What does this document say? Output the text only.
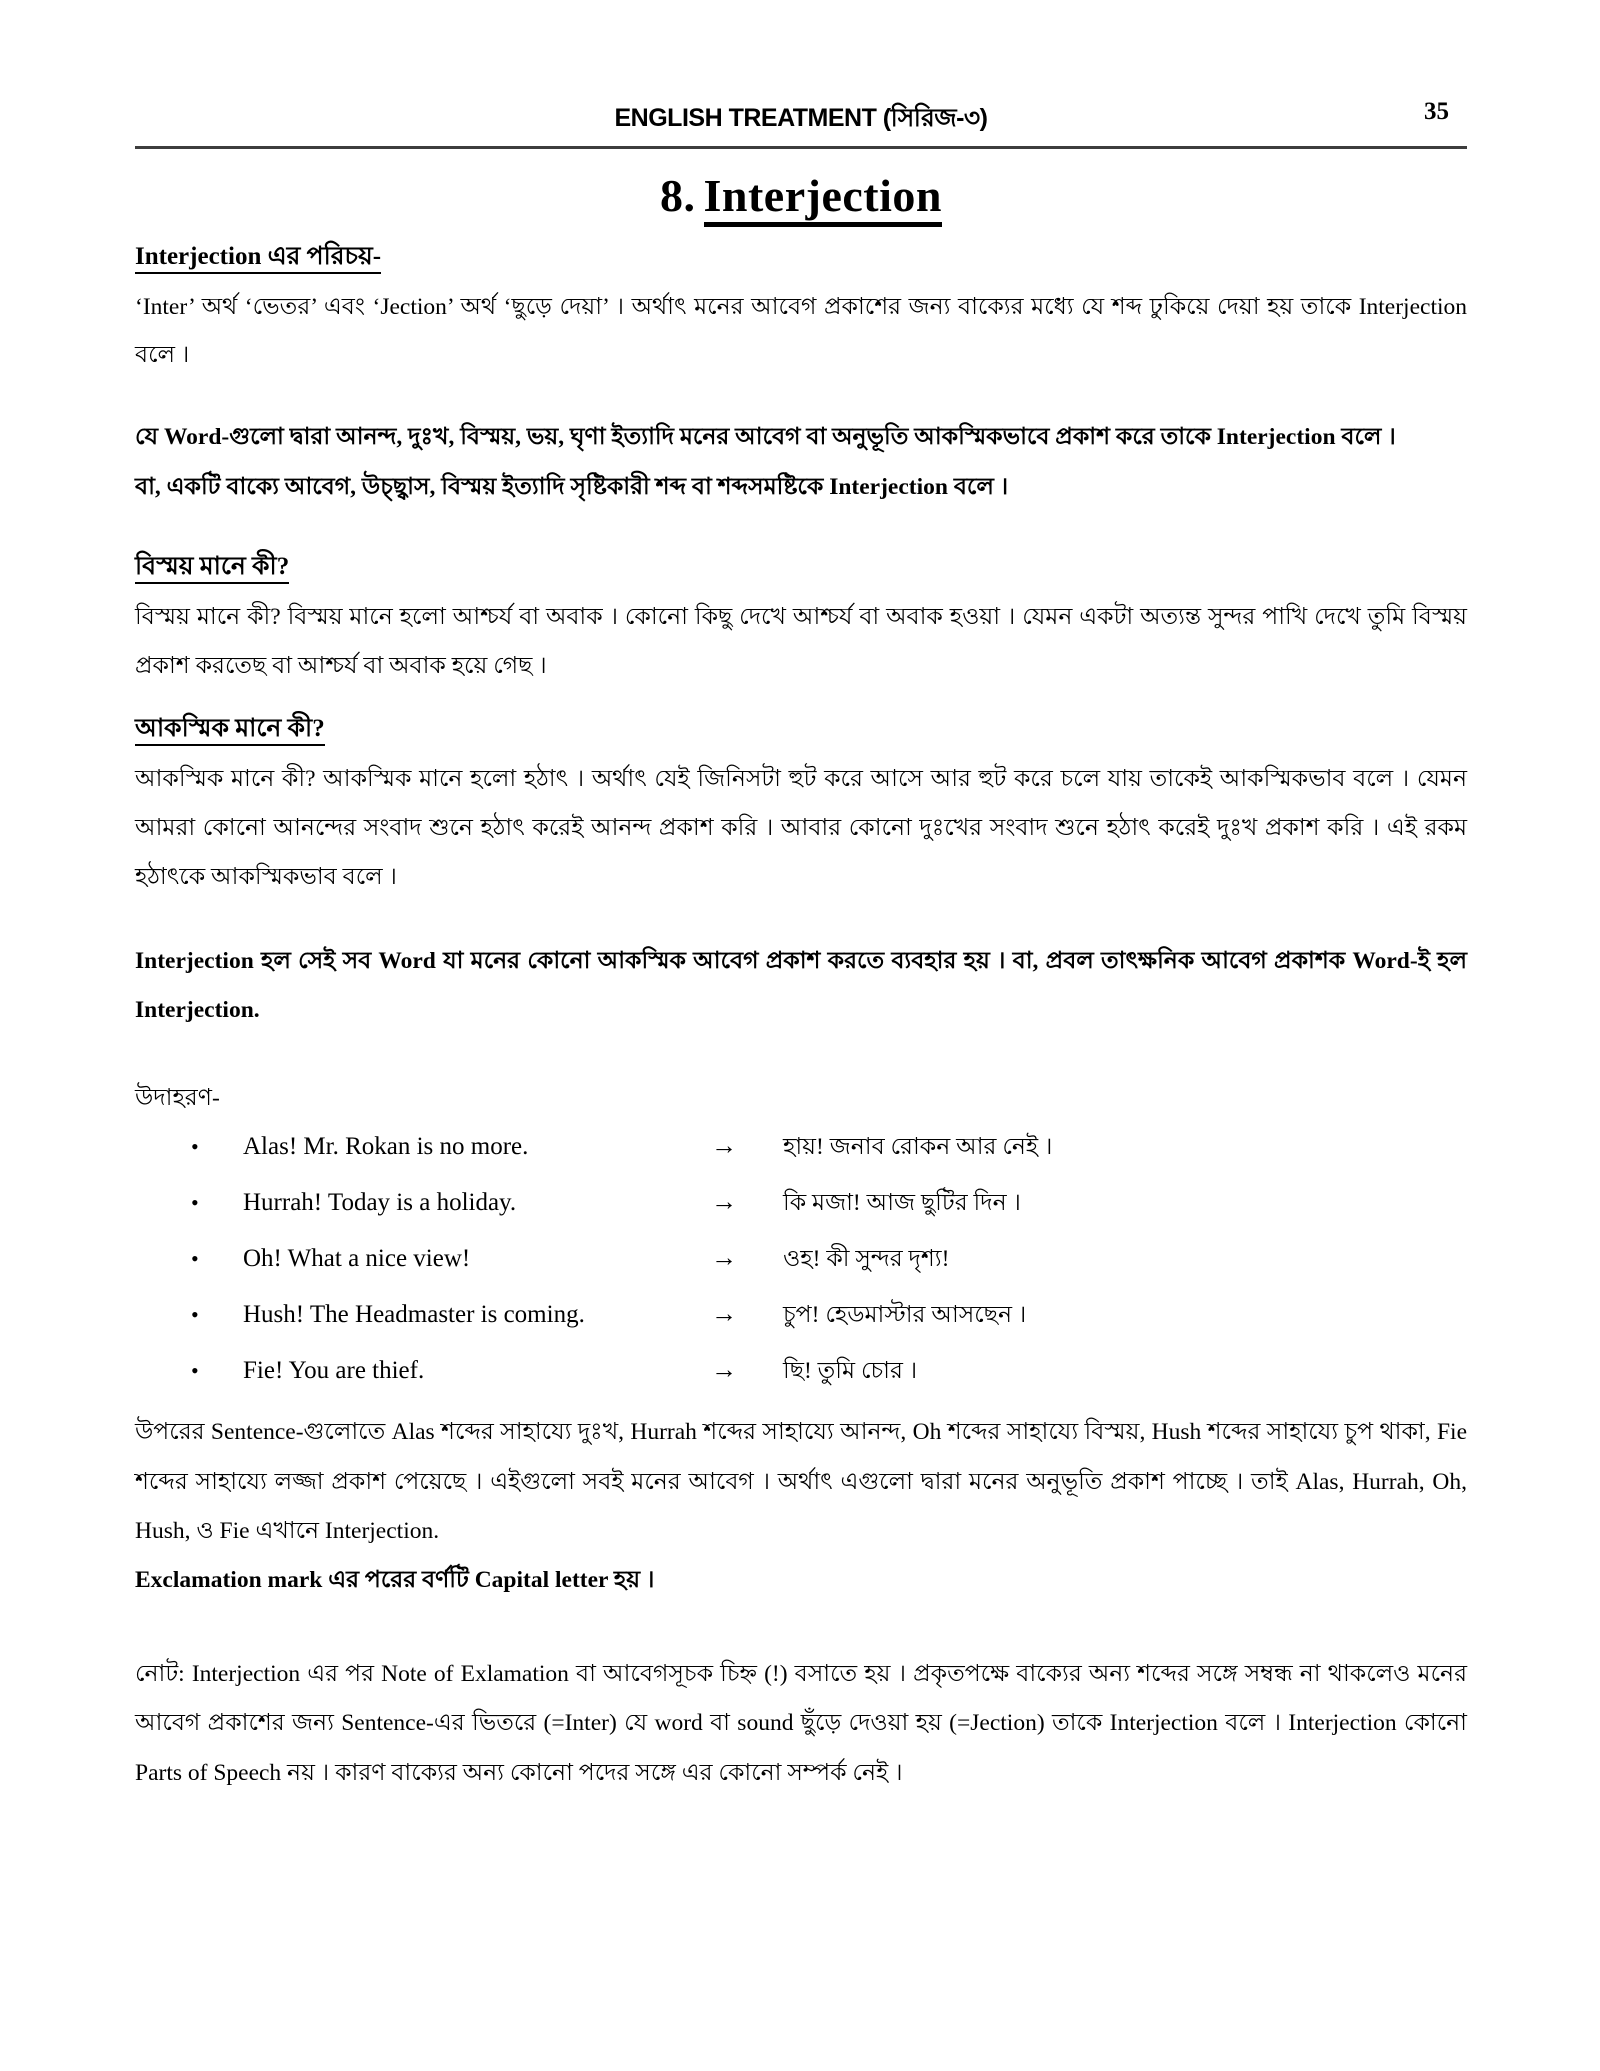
ENGLISH TREATMENT (সিরিজ-৩)	35
8. Interjection
Interjection এর পরিচয়-

‘Inter’ অর্থ ‘ভেতর’ এবং ‘Jection’ অর্থ ‘ছুড়ে দেয়া’ । অর্থাৎ মনের আবেগ প্রকাশের জন্য বাক্যের মধ্যে যে শব্দ ঢুকিয়ে দেয়া হয় তাকে Interjection বলে ।

যে Word-গুলো দ্বারা আনন্দ, দুঃখ, বিস্ময়, ভয়, ঘৃণা ইত্যাদি মনের আবেগ বা অনুভূতি আকস্মিকভাবে প্রকাশ করে তাকে Interjection বলে ।

বা, একটি বাক্যে আবেগ, উচ্ছ্বাস, বিস্ময় ইত্যাদি সৃষ্টিকারী শব্দ বা শব্দসমষ্টিকে Interjection বলে ।

বিস্ময় মানে কী?

বিস্ময় মানে কী? বিস্ময় মানে হলো আশ্চর্য বা অবাক । কোনো কিছু দেখে আশ্চর্য বা অবাক হওয়া । যেমন একটা অত্যন্ত সুন্দর পাখি দেখে তুমি বিস্ময় প্রকাশ করতেছ বা আশ্চর্য বা অবাক হয়ে গেছ ।

আকস্মিক মানে কী?

আকস্মিক মানে কী? আকস্মিক মানে হলো হঠাৎ । অর্থাৎ যেই জিনিসটা হুট করে আসে আর হুট করে চলে যায় তাকেই আকস্মিকভাব বলে । যেমন আমরা কোনো আনন্দের সংবাদ শুনে হঠাৎ করেই আনন্দ প্রকাশ করি । আবার কোনো দুঃখের সংবাদ শুনে হঠাৎ করেই দুঃখ প্রকাশ করি । এই রকম হঠাৎকে আকস্মিকভাব বলে ।

Interjection হল সেই সব Word যা মনের কোনো আকস্মিক আবেগ প্রকাশ করতে ব্যবহার হয় । বা, প্রবল তাৎক্ষনিক আবেগ প্রকাশক Word-ই হল Interjection.

উদাহরণ-
•	Alas! Mr. Rokan is no more.	→	হায়! জনাব রোকন আর নেই ।
•	Hurrah! Today is a holiday.	→	কি মজা! আজ ছুটির দিন ।
•	Oh! What a nice view!	→	ওহ! কী সুন্দর দৃশ্য!
•	Hush! The Headmaster is coming.	→	চুপ! হেডমাস্টার আসছেন ।
•	Fie! You are thief.	→	ছি! তুমি চোর ।

উপরের Sentence-গুলোতে Alas শব্দের সাহায্যে দুঃখ, Hurrah শব্দের সাহায্যে আনন্দ, Oh শব্দের সাহায্যে বিস্ময়, Hush শব্দের সাহায্যে চুপ থাকা, Fie শব্দের সাহায্যে লজ্জা প্রকাশ পেয়েছে । এইগুলো সবই মনের আবেগ । অর্থাৎ এগুলো দ্বারা মনের অনুভূতি প্রকাশ পাচ্ছে । তাই Alas, Hurrah, Oh, Hush, ও Fie এখানে Interjection.

Exclamation mark এর পরের বর্ণটি Capital letter হয় ।

নোট: Interjection এর পর Note of Exlamation বা আবেগসূচক চিহ্ন (!) বসাতে হয় । প্রকৃতপক্ষে বাক্যের অন্য শব্দের সঙ্গে সম্বন্ধ না থাকলেও মনের আবেগ প্রকাশের জন্য Sentence-এর ভিতরে (=Inter) যে word বা sound ছুঁড়ে দেওয়া হয় (=Jection) তাকে Interjection বলে । Interjection কোনো Parts of Speech নয় । কারণ বাক্যের অন্য কোনো পদের সঙ্গে এর কোনো সম্পর্ক নেই ।
